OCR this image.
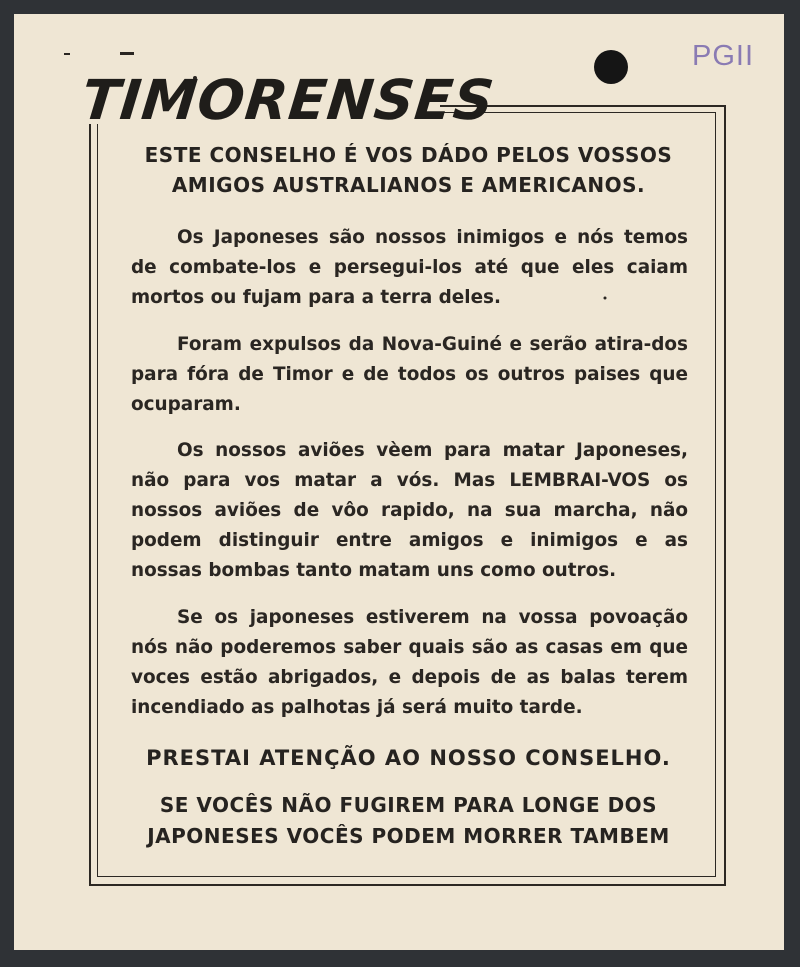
PGII
TIMORENSES
ESTE CONSELHO É VOS DÁDO PELOS VOSSOS
AMIGOS AUSTRALIANOS E AMERICANOS.

Os Japoneses são nossos inimigos e nós temos de combate-los e persegui-los até que eles caiam mortos ou fujam para a terra deles.

Foram expulsos da Nova-Guiné e serão atira-dos para fóra de Timor e de todos os outros paises que ocuparam.

Os nossos aviões vèem para matar Japoneses, não para vos matar a vós. Mas LEMBRAI-VOS os nossos aviões de vôo rapido, na sua marcha, não podem distinguir entre amigos e inimigos e as nossas bombas tanto matam uns como outros.

Se os japoneses estiverem na vossa povoação nós não poderemos saber quais são as casas em que voces estão abrigados, e depois de as balas terem incendiado as palhotas já será muito tarde.

PRESTAI ATENÇÃO AO NOSSO CONSELHO.
SE VOCÊS NÃO FUGIREM PARA LONGE DOS
JAPONESES VOCÊS PODEM MORRER TAMBEM
